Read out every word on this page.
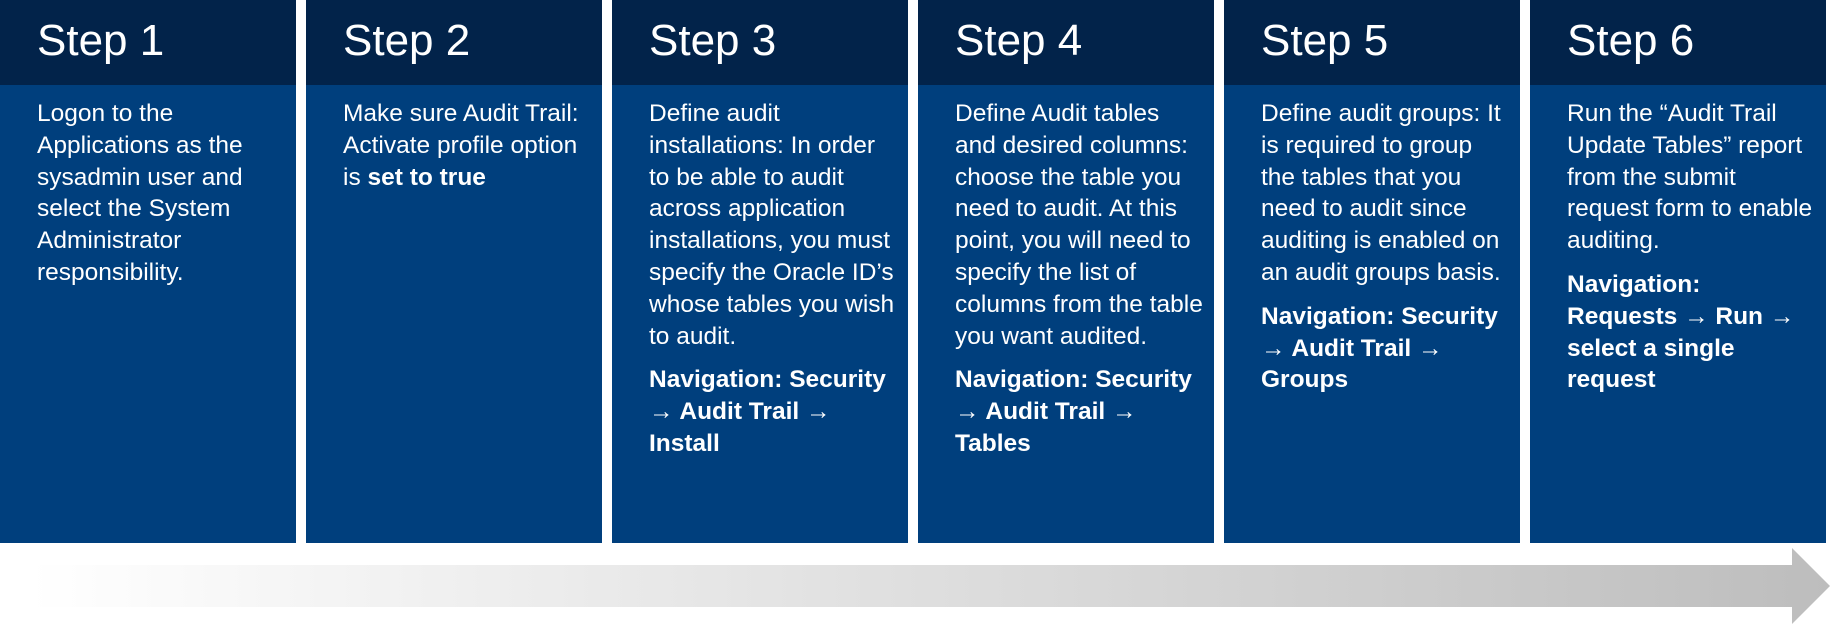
Step 1

Logon to the Applications as the sysadmin user and select the System Administrator responsibility.

Step 2

Make sure Audit Trail: Activate profile option is set to true

Step 3

Define audit installations: In order to be able to audit across application installations, you must specify the Oracle ID’s whose tables you wish to audit.

Navigation: Security → Audit Trail → Install

Step 4

Define Audit tables and desired columns: choose the table you need to audit. At this point, you will need to specify the list of columns from the table you want audited.

Navigation: Security → Audit Trail → Tables

Step 5

Define audit groups: It is required to group the tables that you need to audit since auditing is enabled on an audit groups basis.

Navigation: Security → Audit Trail → Groups

Step 6

Run the “Audit Trail Update Tables” report from the submit request form to enable auditing.

Navigation: Requests → Run → select a single request
